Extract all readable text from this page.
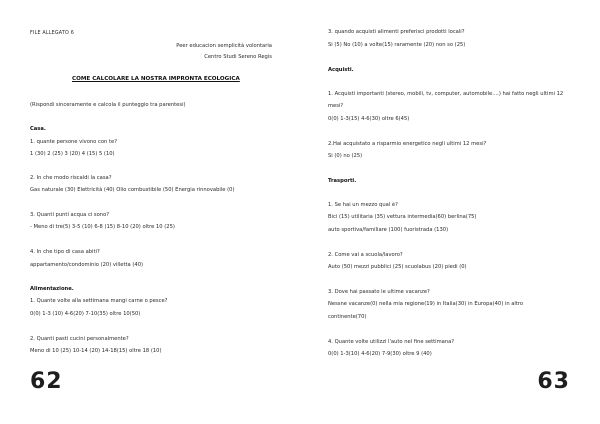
FILE ALLEGATO 6
Peer educacion semplicità volontaria
Centro Studi Sereno Regis
COME CALCOLARE LA NOSTRA IMPRONTA ECOLOGICA
(Rispondi sinceramente e calcola il punteggio tra parentesi)
Casa.
1. quante persone vivono con te?
1 (30) 2 (25) 3 (20) 4 (15) 5 (10)
2. In che modo riscaldi la casa?
Gas naturale (30) Elettricità (40) Olio combustibile (50) Energia rinnovabile (0)
3. Quanti punti acqua ci sono?
- Meno di tre(5) 3-5 (10) 6-8 (15) 8-10 (20) oltre 10 (25)
4. In che tipo di casa abiti?
appartamento/condominio (20) villetta (40)
Alimentazione.
1. Quante volte alla settimana mangi carne o pesce?
0(0) 1-3 (10) 4-6(20) 7-10(35) oltre 10(50)
2. Quanti pasti cucini personalmente?
Meno di 10 (25) 10-14 (20) 14-18(15) oltre 18 (10)
62
3. quando acquisti alimenti preferisci prodotti locali?
Si (5) No (10) a volte(15) raramente (20) non so (25)
Acquisti.
1. Acquisti importanti (stereo, mobili, tv, computer, automobile....) hai fatto negli ultimi 12
mesi?
0(0) 1-3(15) 4-6(30) oltre 6(45)
2.Hai acquistato a risparmio energetico negli ultimi 12 mesi?
Si (0) no (25)
Trasporti.
1. Se hai un mezzo qual è?
Bici (15) utilitaria (35) vettura intermedia(60) berlina(75)
auto sportiva/familiare (100) fuoristrada (130)
2. Come vai a scuola/lavoro?
Auto (50) mezzi pubblici (25) scuolabus (20) piedi (0)
3. Dove hai passato le ultime vacanze?
Nessne vacanze(0) nella mia regione(19) in Italia(30) in Europa(40) in altro
continente(70)
4. Quante volte utilizzi l'auto nel fine settimana?
0(0) 1-3(10) 4-6(20) 7-9(30) oltre 9 (40)
63
